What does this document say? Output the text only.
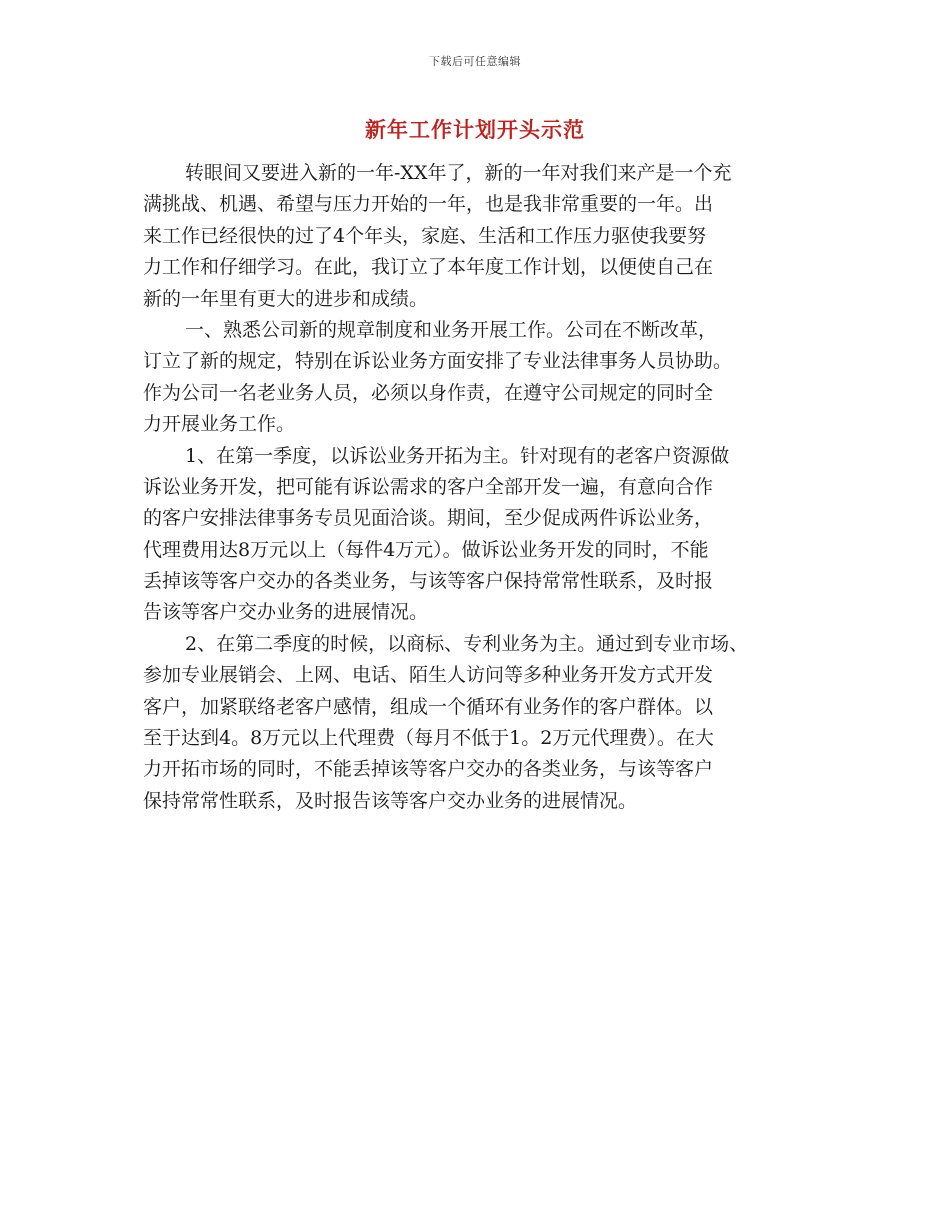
下载后可任意编辑
新年工作计划开头示范
转眼间又要进入新的一年-XX年了，新的一年对我们来产是一个充
满挑战、机遇、希望与压力开始的一年，也是我非常重要的一年。出
来工作已经很快的过了4个年头，家庭、生活和工作压力驱使我要努
力工作和仔细学习。在此，我订立了本年度工作计划，以便使自己在
新的一年里有更大的进步和成绩。
一、熟悉公司新的规章制度和业务开展工作。公司在不断改革，
订立了新的规定，特别在诉讼业务方面安排了专业法律事务人员协助。
作为公司一名老业务人员，必须以身作责，在遵守公司规定的同时全
力开展业务工作。
1、在第一季度，以诉讼业务开拓为主。针对现有的老客户资源做
诉讼业务开发，把可能有诉讼需求的客户全部开发一遍，有意向合作
的客户安排法律事务专员见面洽谈。期间，至少促成两件诉讼业务，
代理费用达8万元以上（每件4万元）。做诉讼业务开发的同时，不能
丢掉该等客户交办的各类业务，与该等客户保持常常性联系，及时报
告该等客户交办业务的进展情况。
2、在第二季度的时候，以商标、专利业务为主。通过到专业市场、
参加专业展销会、上网、电话、陌生人访问等多种业务开发方式开发
客户，加紧联络老客户感情，组成一个循环有业务作的客户群体。以
至于达到4。8万元以上代理费（每月不低于1。2万元代理费）。在大
力开拓市场的同时，不能丢掉该等客户交办的各类业务，与该等客户
保持常常性联系，及时报告该等客户交办业务的进展情况。
